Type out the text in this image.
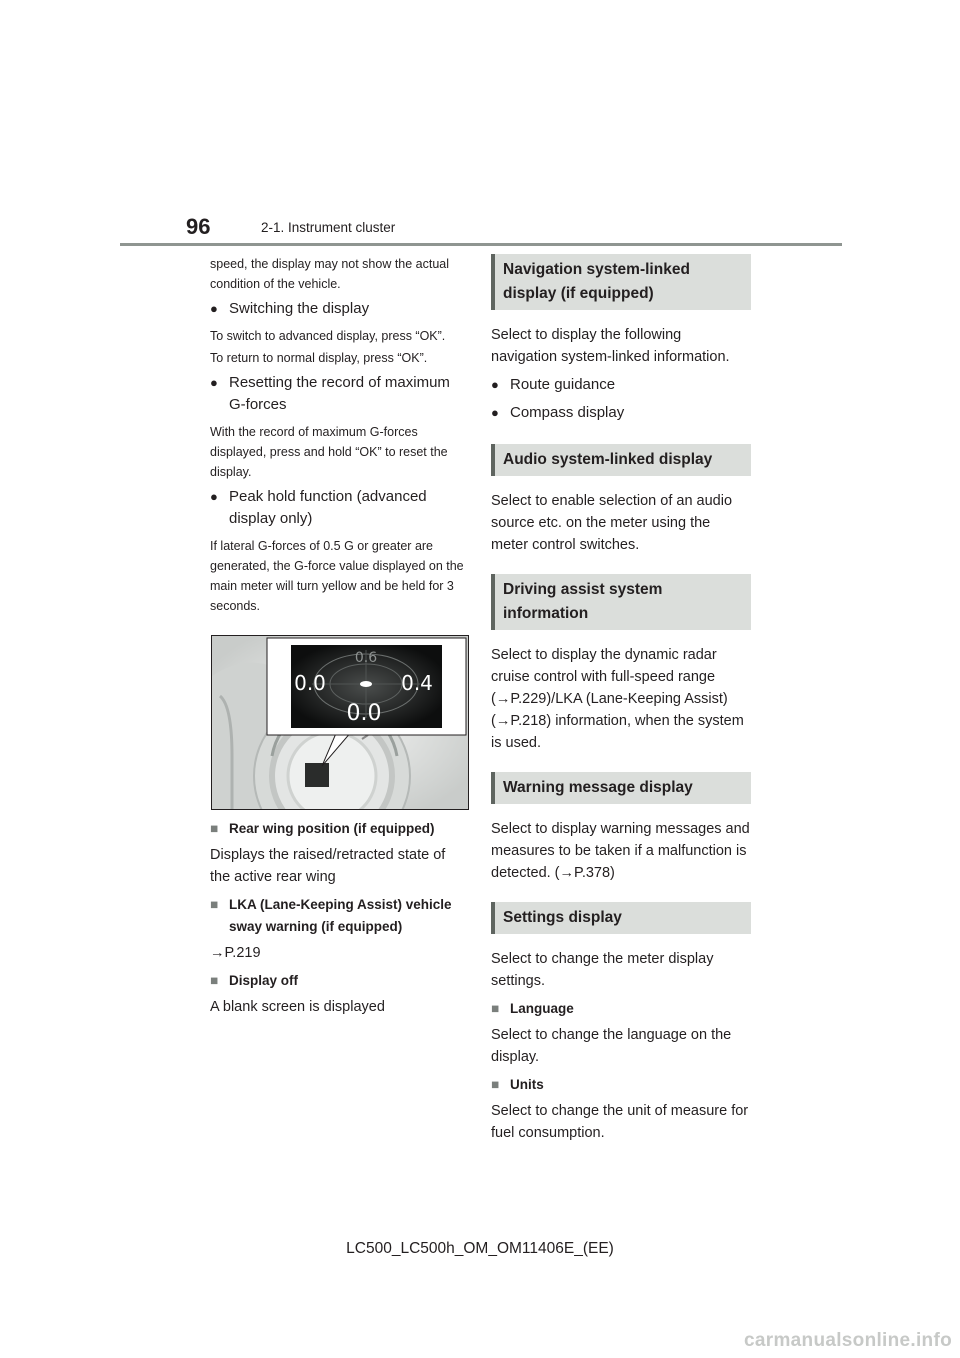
96	2-1. Instrument cluster

speed, the display may not show the actual condition of the vehicle.

● Switching the display

To switch to advanced display, press “OK”.

To return to normal display, press “OK”.

● Resetting the record of maximum G-forces

With the record of maximum G-forces displayed, press and hold “OK” to reset the display.

● Peak hold function (advanced display only)

If lateral G-forces of 0.5 G or greater are generated, the G-force value displayed on the main meter will turn yellow and be held for 3 seconds.

0.6
0.0	0.4
0.0
■ Rear wing position (if equipped)

Displays the raised/retracted state of the active rear wing

■ LKA (Lane-Keeping Assist) vehicle sway warning (if equipped)

→P.219

■ Display off

A blank screen is displayed

Navigation system-linked display (if equipped)

Select to display the following navigation system-linked information.

● Route guidance
● Compass display
Audio system-linked display

Select to enable selection of an audio source etc. on the meter using the meter control switches.

Driving assist system information

Select to display the dynamic radar cruise control with full-speed range (→P.229)/LKA (Lane-Keeping Assist) (→P.218) information, when the system is used.

Warning message display

Select to display warning messages and measures to be taken if a malfunction is detected. (→P.378)

Settings display

Select to change the meter display settings.

■ Language

Select to change the language on the display.

■ Units

Select to change the unit of measure for fuel consumption.

LC500_LC500h_OM_OM11406E_(EE)
carmanualsonline.info
